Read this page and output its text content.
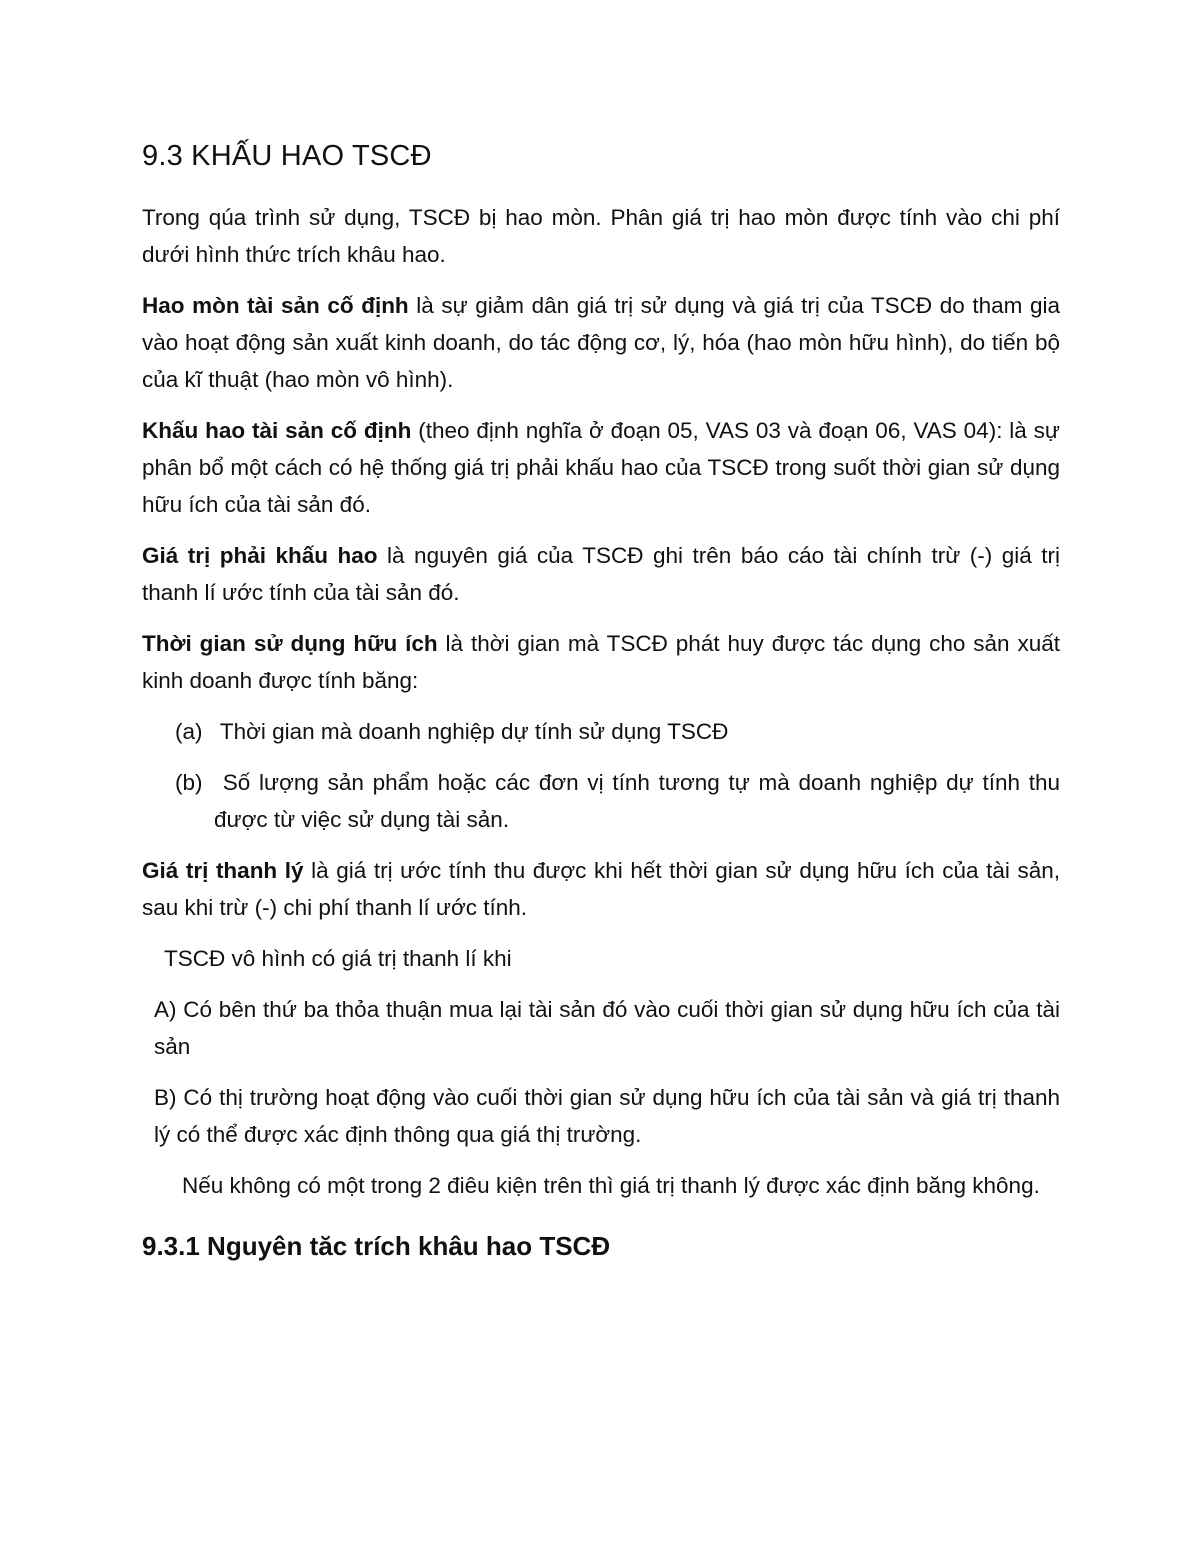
9.3 KHẤU HAO TSCĐ

Trong qúa trình sử dụng, TSCĐ bị hao mòn. Phân giá trị hao mòn được tính vào chi phí dưới hình thức trích khâu hao.

Hao mòn tài sản cố định là sự giảm dân giá trị sử dụng và giá trị của TSCĐ do tham gia vào hoạt động sản xuất kinh doanh, do tác động cơ, lý, hóa (hao mòn hữu hình), do tiến bộ của kĩ thuật (hao mòn vô hình).

Khấu hao tài sản cố định (theo định nghĩa ở đoạn 05, VAS 03 và đoạn 06, VAS 04): là sự phân bổ một cách có hệ thống giá trị phải khấu hao của TSCĐ trong suốt thời gian sử dụng hữu ích của tài sản đó.

Giá trị phải khấu hao là nguyên giá của TSCĐ ghi trên báo cáo tài chính trừ (-) giá trị thanh lí ước tính của tài sản đó.

Thời gian sử dụng hữu ích là thời gian mà TSCĐ phát huy được tác dụng cho sản xuất kinh doanh được tính băng:

(a) Thời gian mà doanh nghiệp dự tính sử dụng TSCĐ

(b) Số lượng sản phẩm hoặc các đơn vị tính tương tự mà doanh nghiệp dự tính thu được từ việc sử dụng tài sản.

Giá trị thanh lý là giá trị ước tính thu được khi hết thời gian sử dụng hữu ích của tài sản, sau khi trừ (-) chi phí thanh lí ước tính.

TSCĐ vô hình có giá trị thanh lí khi

A) Có bên thứ ba thỏa thuận mua lại tài sản đó vào cuối thời gian sử dụng hữu ích của tài sản

B) Có thị trường hoạt động vào cuối thời gian sử dụng hữu ích của tài sản và giá trị thanh lý có thể được xác định thông qua giá thị trường.

Nếu không có một trong 2 điêu kiện trên thì giá trị thanh lý được xác định băng không.

9.3.1 Nguyên tăc trích khâu hao TSCĐ
